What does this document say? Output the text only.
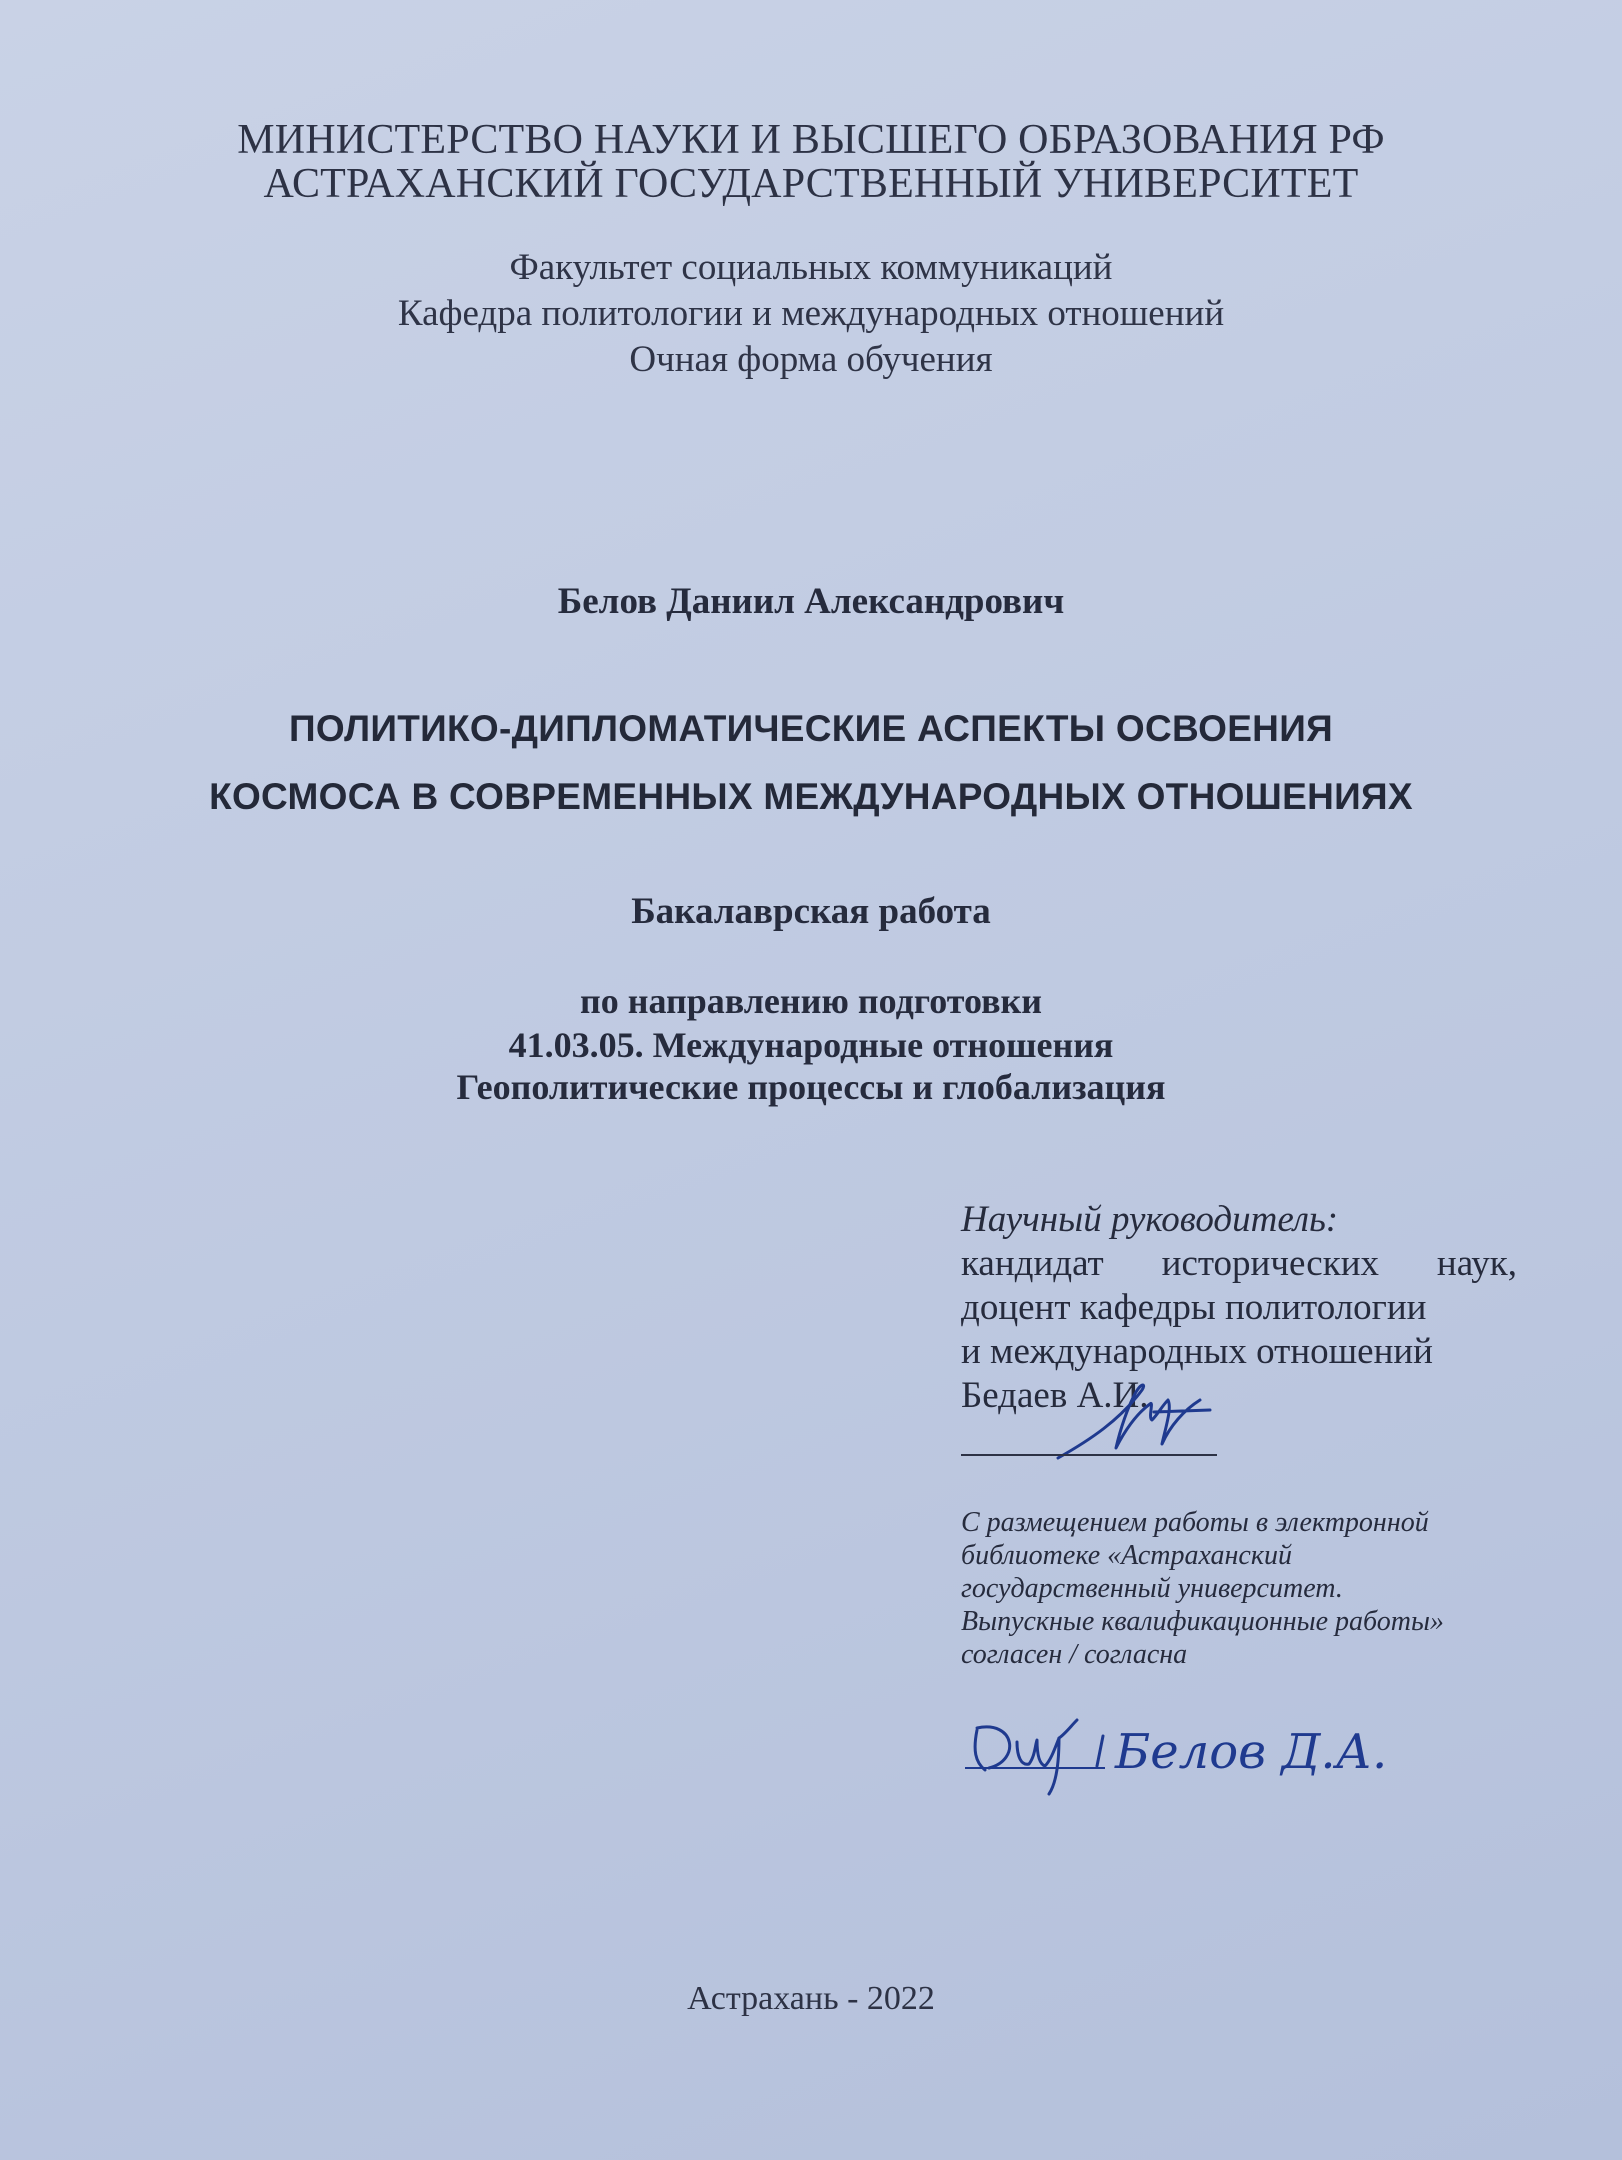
​
МИНИСТЕРСТВО НАУКИ И ВЫСШЕГО ОБРАЗОВАНИЯ РФ
АСТРАХАНСКИЙ ГОСУДАРСТВЕННЫЙ УНИВЕРСИТЕТ
Факультет социальных коммуникаций
Кафедра политологии и международных отношений
Очная форма обучения
Белов Даниил Александрович
ПОЛИТИКО-ДИПЛОМАТИЧЕСКИЕ АСПЕКТЫ ОСВОЕНИЯ
КОСМОСА В СОВРЕМЕННЫХ МЕЖДУНАРОДНЫХ ОТНОШЕНИЯХ
Бакалаврская работа
по направлению подготовки
41.03.05. Международные отношения
Геополитические процессы и глобализация
Научный руководитель:
кандидат исторических наук,
доцент кафедры политологии
и международных отношений
Бедаев А.И.
С размещением работы в электронной
библиотеке «Астраханский
государственный университет.
Выпускные квалификационные работы»
согласен / согласна
Белов Д.А.
Астрахань - 2022
